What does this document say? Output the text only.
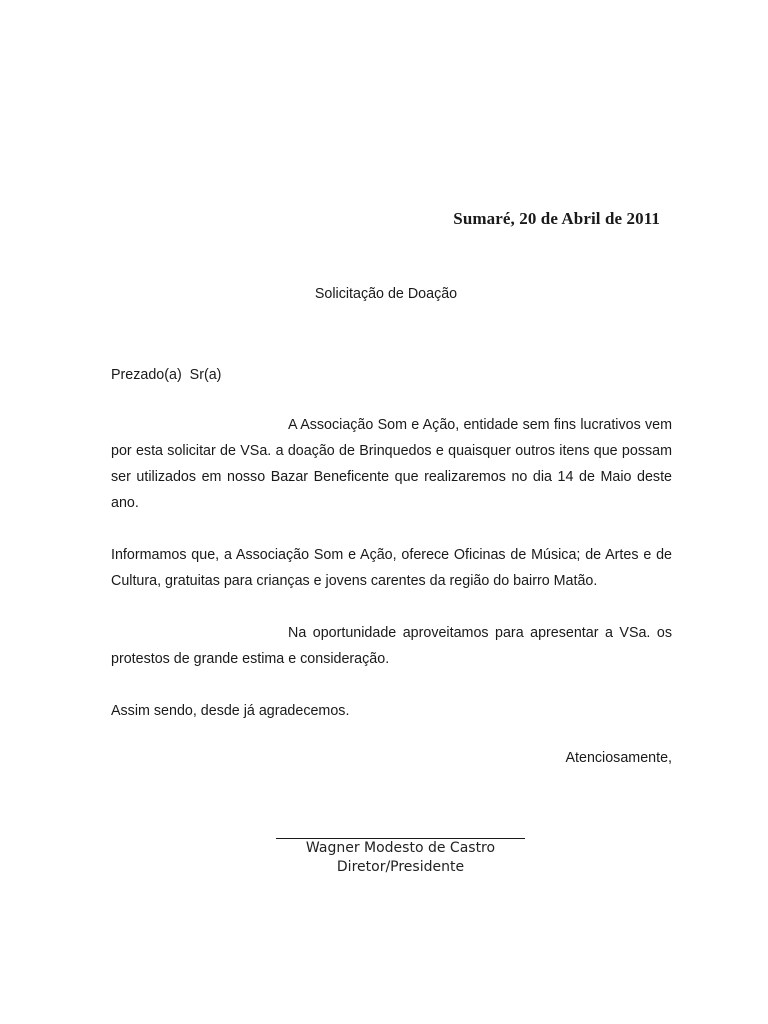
Sumaré, 20 de Abril de 2011
Solicitação de Doação

Prezado(a)  Sr(a)

A Associação Som e Ação, entidade sem fins lucrativos vem por esta solicitar de VSa. a doação de Brinquedos e quaisquer outros itens que possam ser utilizados em nosso Bazar Beneficente que realizaremos no dia 14 de Maio deste ano.

Informamos que, a Associação Som e Ação, oferece Oficinas de Música; de Artes e de Cultura, gratuitas para crianças e jovens carentes da região do bairro Matão.

Na oportunidade aproveitamos para apresentar a VSa. os protestos de grande estima e consideração.

Assim sendo, desde já agradecemos.

Atenciosamente,
Wagner Modesto de Castro
Diretor/Presidente
